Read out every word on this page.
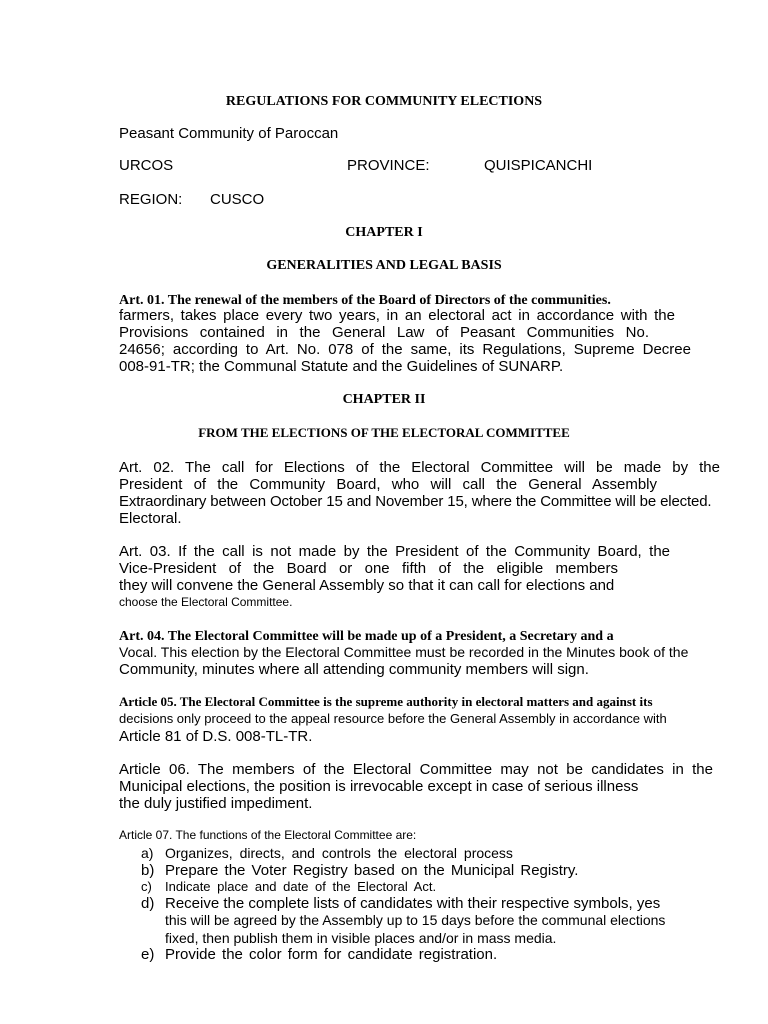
REGULATIONS FOR COMMUNITY ELECTIONS
Peasant Community of Paroccan
URCOS	PROVINCE:	QUISPICANCHI
REGION: CUSCO
CHAPTER I
GENERALITIES AND LEGAL BASIS
Art. 01. The renewal of the members of the Board of Directors of the communities.
farmers, takes place every two years, in an electoral act in accordance with the
Provisions contained in the General Law of Peasant Communities No.
24656; according to Art. No. 078 of the same, its Regulations, Supreme Decree
008-91-TR; the Communal Statute and the Guidelines of SUNARP.
CHAPTER II
FROM THE ELECTIONS OF THE ELECTORAL COMMITTEE
Art. 02. The call for Elections of the Electoral Committee will be made by the
President of the Community Board, who will call the General Assembly
Extraordinary between October 15 and November 15, where the Committee will be elected.
Electoral.
Art. 03. If the call is not made by the President of the Community Board, the
Vice-President of the Board or one fifth of the eligible members
they will convene the General Assembly so that it can call for elections and
choose the Electoral Committee.
Art. 04. The Electoral Committee will be made up of a President, a Secretary and a
Vocal. This election by the Electoral Committee must be recorded in the Minutes book of the
Community, minutes where all attending community members will sign.
Article 05. The Electoral Committee is the supreme authority in electoral matters and against its
decisions only proceed to the appeal resource before the General Assembly in accordance with
Article 81 of D.S. 008-TL-TR.
Article 06. The members of the Electoral Committee may not be candidates in the
Municipal elections, the position is irrevocable except in case of serious illness
the duly justified impediment.
Article 07. The functions of the Electoral Committee are:
a) Organizes, directs, and controls the electoral process
b) Prepare the Voter Registry based on the Municipal Registry.
c) Indicate place and date of the Electoral Act.
d) Receive the complete lists of candidates with their respective symbols, yes
this will be agreed by the Assembly up to 15 days before the communal elections
fixed, then publish them in visible places and/or in mass media.
e) Provide the color form for candidate registration.
